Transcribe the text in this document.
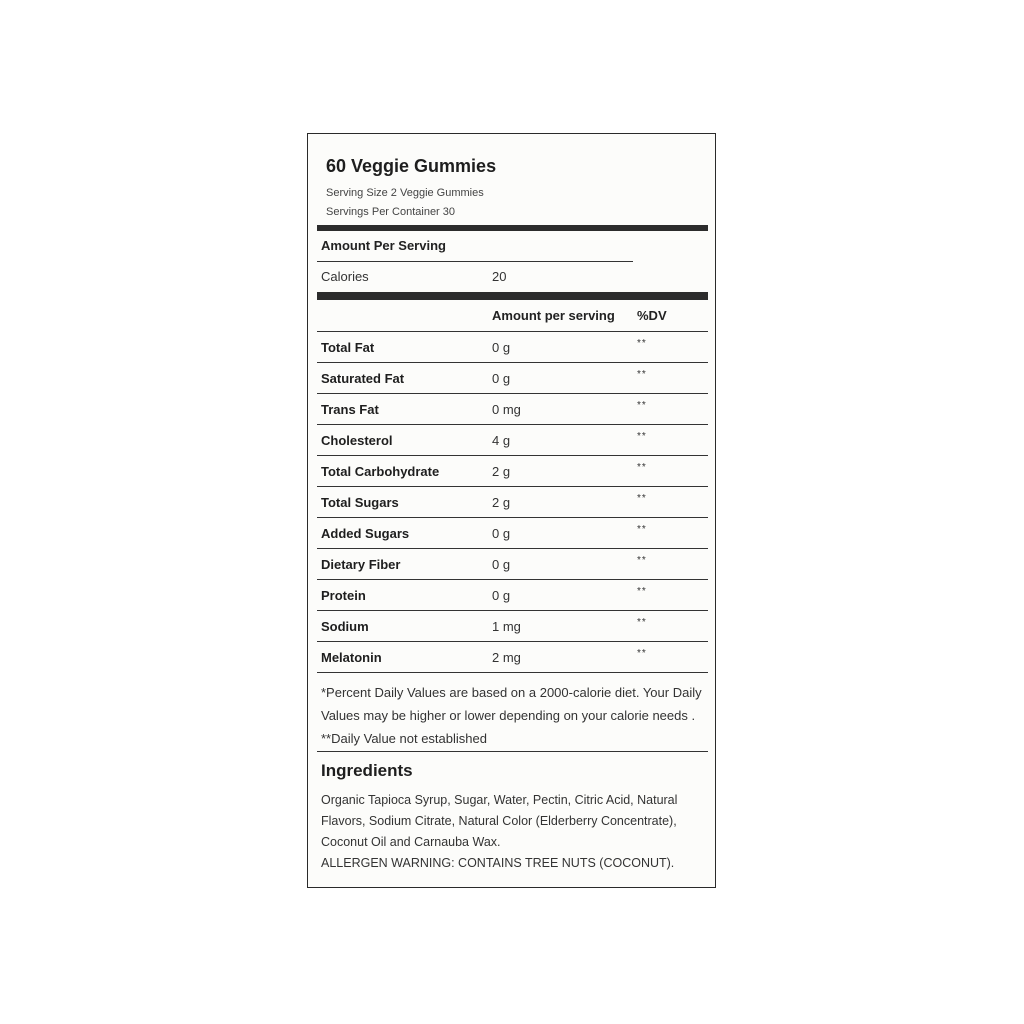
60 Veggie Gummies
Serving Size 2 Veggie Gummies
Servings Per Container 30
Amount Per Serving
Calories	20
Amount per serving %DV
Total Fat	0 g	**
Saturated Fat	0 g	**
Trans Fat	0 mg	**
Cholesterol	4 g	**
Total Carbohydrate	2 g	**
Total Sugars	2 g	**
Added Sugars	0 g	**
Dietary Fiber	0 g	**
Protein	0 g	**
Sodium	1 mg	**
Melatonin	2 mg	**
*Percent Daily Values are based on a 2000-calorie diet. Your Daily Values may be higher or lower depending on your calorie needs . **Daily Value not established
Ingredients
Organic Tapioca Syrup, Sugar, Water, Pectin, Citric Acid, Natural Flavors, Sodium Citrate, Natural Color (Elderberry Concentrate), Coconut Oil and Carnauba Wax.
ALLERGEN WARNING: CONTAINS TREE NUTS (COCONUT).
